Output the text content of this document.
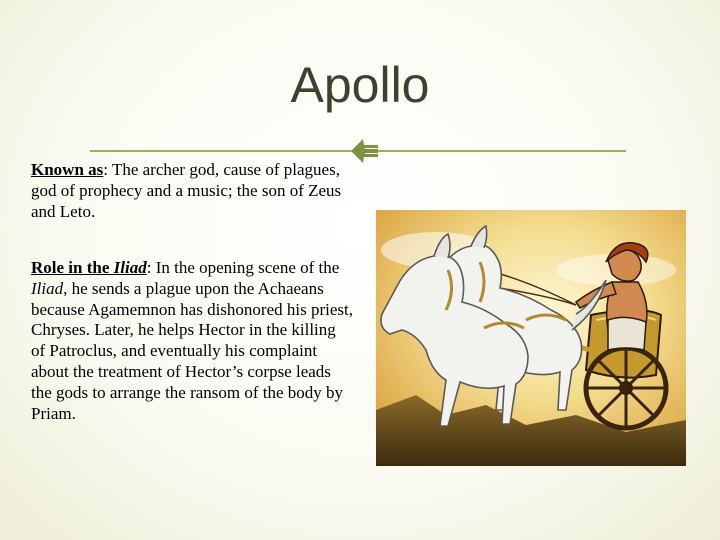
Apollo
Known as: The archer god, cause of plagues, god of prophecy and a music; the son of Zeus and Leto.
Role in the Iliad: In the opening scene of the Iliad, he sends a plague upon the Achaeans because Agamemnon has dishonored his priest, Chryses. Later, he helps Hector in the killing of Patroclus, and eventually his complaint about the treatment of Hector’s corpse leads the gods to arrange the ransom of the body by Priam.
